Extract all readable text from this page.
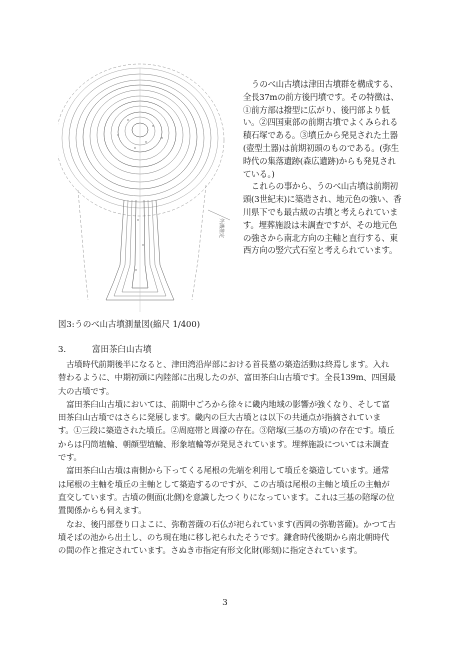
外溝推定
図3:うのべ山古墳測量図(縮尺 1/400)

うのべ山古墳は津田古墳群を構成する、全長37mの前方後円墳です。その特徴は、①前方部は撥型に広がり、後円部より低い。②四国東部の前期古墳でよくみられる積石塚である。③墳丘から発見された土器(壺型土器)は前期初頭のものである。(弥生時代の集落遺跡(森広遺跡)からも発見されている。)

これらの事から、うのべ山古墳は前期初頭(3世紀末)に築造され、地元色の強い、香川県下でも最古級の古墳と考えられています。埋葬施設は未調査ですが、その地元色の強さから南北方向の主軸と直行する、東西方向の竪穴式石室と考えられています。

3.	富田茶臼山古墳

古墳時代前期後半になると、津田湾沿岸部における首長墓の築造活動は終焉します。入れ替わるように、中期初頭に内陸部に出現したのが、富田茶臼山古墳です。全長139m、四国最大の古墳です。

富田茶臼山古墳においては、前期中ごろから徐々に畿内地域の影響が強くなり、そして富田茶臼山古墳ではさらに発展します。畿内の巨大古墳とは以下の共通点が指摘されています。①三段に築造された墳丘。②周庭帯と周濠の存在。③陪塚(三基の方墳)の存在です。墳丘からは円筒埴輪、朝顔型埴輪、形象埴輪等が発見されています。埋葬施設については未調査です。

富田茶臼山古墳は南側から下ってくる尾根の先端を利用して墳丘を築造しています。通常は尾根の主軸を墳丘の主軸として築造するのですが、この古墳は尾根の主軸と墳丘の主軸が直交しています。古墳の側面(北側)を意識したつくりになっています。これは三基の陪塚の位置関係からも伺えます。

なお、後円部登り口よこに、弥勒菩薩の石仏が祀られています(西岡の弥勒菩薩)。かつて古墳そばの池から出土し、のち現在地に移し祀られたそうです。鎌倉時代後期から南北朝時代の間の作と推定されています。さぬき市指定有形文化財(彫刻)に指定されています。

3
